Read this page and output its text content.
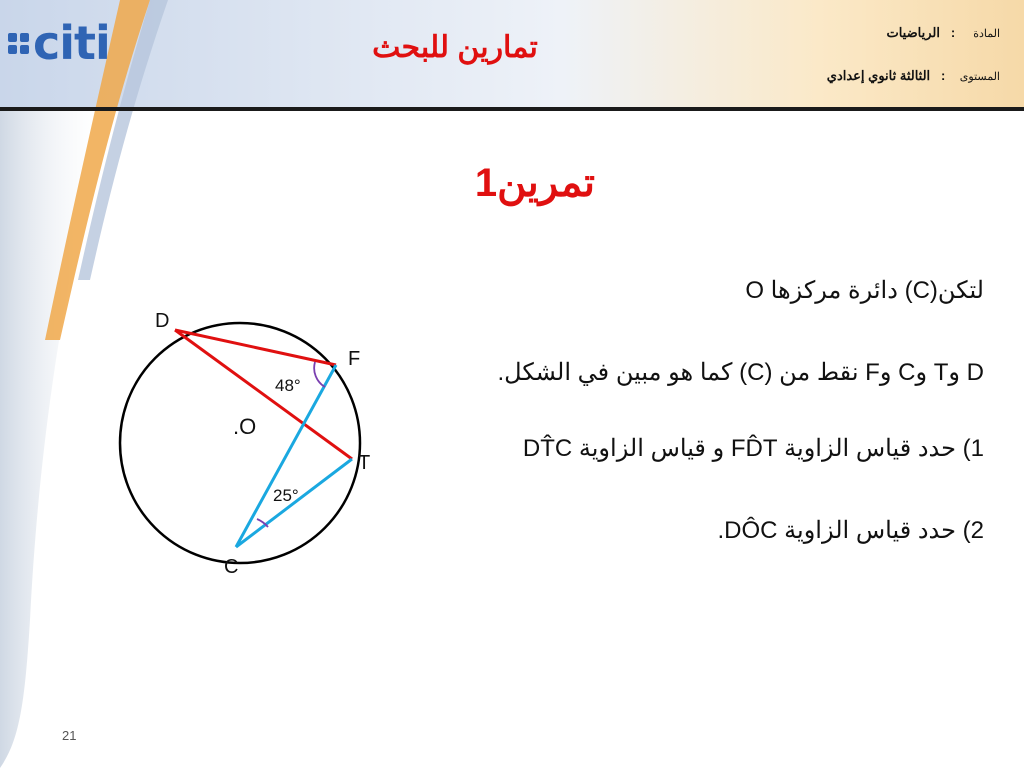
citi	تمارين للبحث	المادة     :   الرياضيات
المستوى    :   الثالثة ثانوي إعدادي
تمرين1
لتكن(C) دائرة مركزها O
D وT وC وF نقط من (C) كما هو مبين في الشكل.
1) حدد قياس الزاوية FD̂T و قياس الزاوية DT̂C
2) حدد قياس الزاوية DÔC.
D
F
T
C
.O
48°
25°
21
